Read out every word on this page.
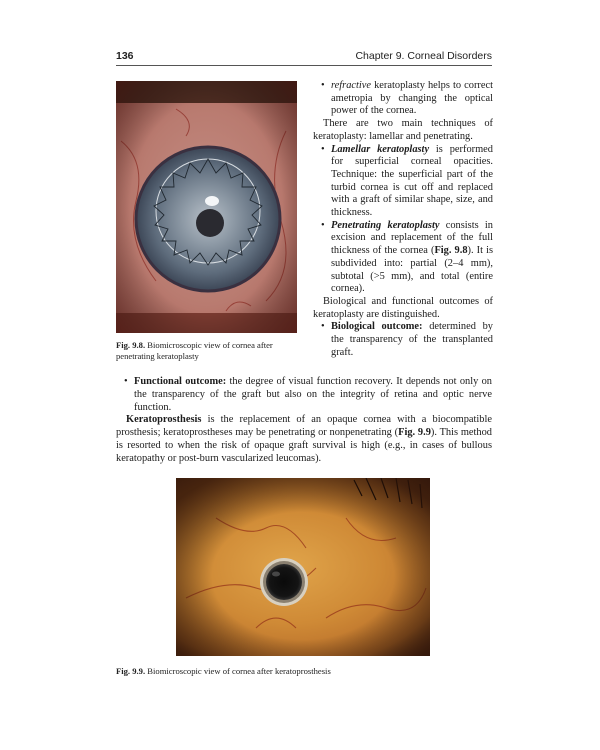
136	Chapter 9. Corneal Disorders
Fig. 9.8. Biomicroscopic view of cornea after penetrating keratoplasty

• refractive keratoplasty helps to correct ametropia by changing the optical power of the cornea.

There are two main techniques of keratoplasty: lamellar and penetrating.

• Lamellar keratoplasty is performed for superficial corneal opacities. Technique: the superficial part of the turbid cornea is cut off and replaced with a graft of similar shape, size, and thickness.

• Penetrating keratoplasty consists in excision and replacement of the full thickness of the cornea (Fig. 9.8). It is subdivided into: partial (2–4 mm), subtotal (>5 mm), and total (entire cornea).

Biological and functional outcomes of keratoplasty are distinguished.

• Biological outcome: determined by the transparency of the transplanted graft.

• Functional outcome: the degree of visual function recovery. It depends not only on the transparency of the graft but also on the integrity of retina and optic nerve function.

Keratoprosthesis is the replacement of an opaque cornea with a biocompatible prosthesis; keratoprostheses may be penetrating or nonpenetrating (Fig. 9.9). This method is resorted to when the risk of opaque graft survival is high (e.g., in cases of bullous keratopathy or post-burn vascularized leucomas).

Fig. 9.9. Biomicroscopic view of cornea after keratoprosthesis
